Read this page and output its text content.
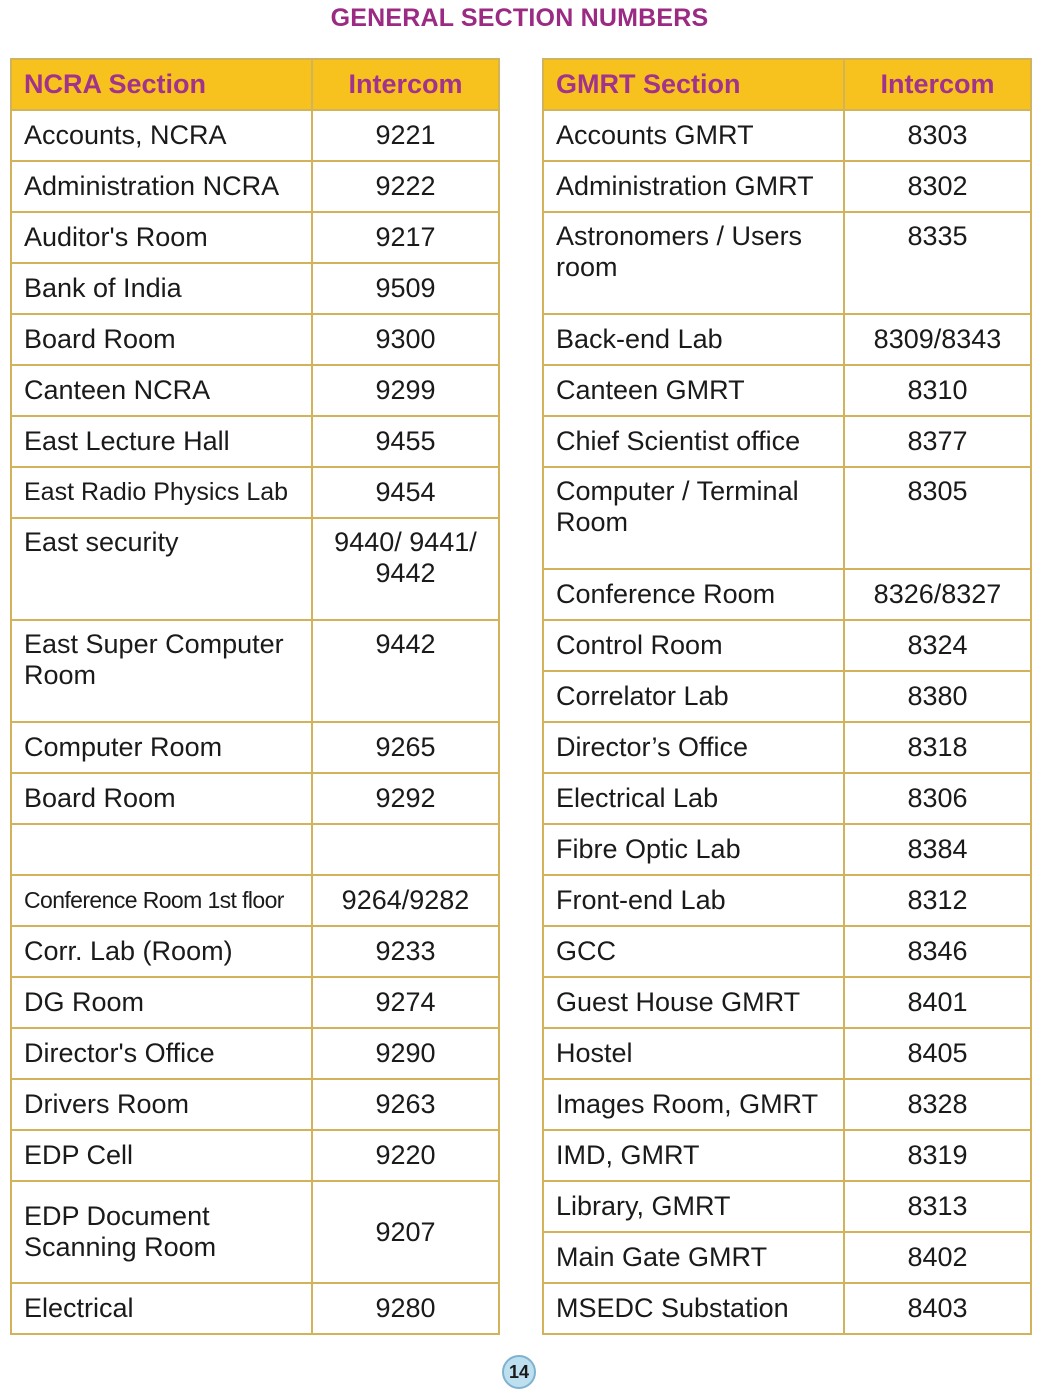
GENERAL SECTION NUMBERS
NCRA Section	Intercom
Accounts, NCRA	9221
Administration NCRA	9222
Auditor's Room	9217
Bank of India	9509
Board Room	9300
Canteen NCRA	9299
East Lecture Hall	9455
East Radio Physics Lab	9454
East security	9440/ 9441/ 9442
East Super Computer Room	9442
Computer Room	9265
Board Room	9292

Conference Room 1st floor	9264/9282
Corr. Lab (Room)	9233
DG Room	9274
Director's Office	9290
Drivers Room	9263
EDP Cell	9220
EDP Document Scanning Room	9207
Electrical	9280
GMRT Section	Intercom
Accounts GMRT	8303
Administration GMRT	8302
Astronomers / Users room	8335
Back-end Lab	8309/8343
Canteen GMRT	8310
Chief Scientist office	8377
Computer / Terminal Room	8305
Conference Room	8326/8327
Control Room	8324
Correlator Lab	8380
Director’s Office	8318
Electrical Lab	8306
Fibre Optic Lab	8384
Front-end Lab	8312
GCC	8346
Guest House GMRT	8401
Hostel	8405
Images Room, GMRT	8328
IMD, GMRT	8319
Library, GMRT	8313
Main Gate GMRT	8402
MSEDC Substation	8403
14
